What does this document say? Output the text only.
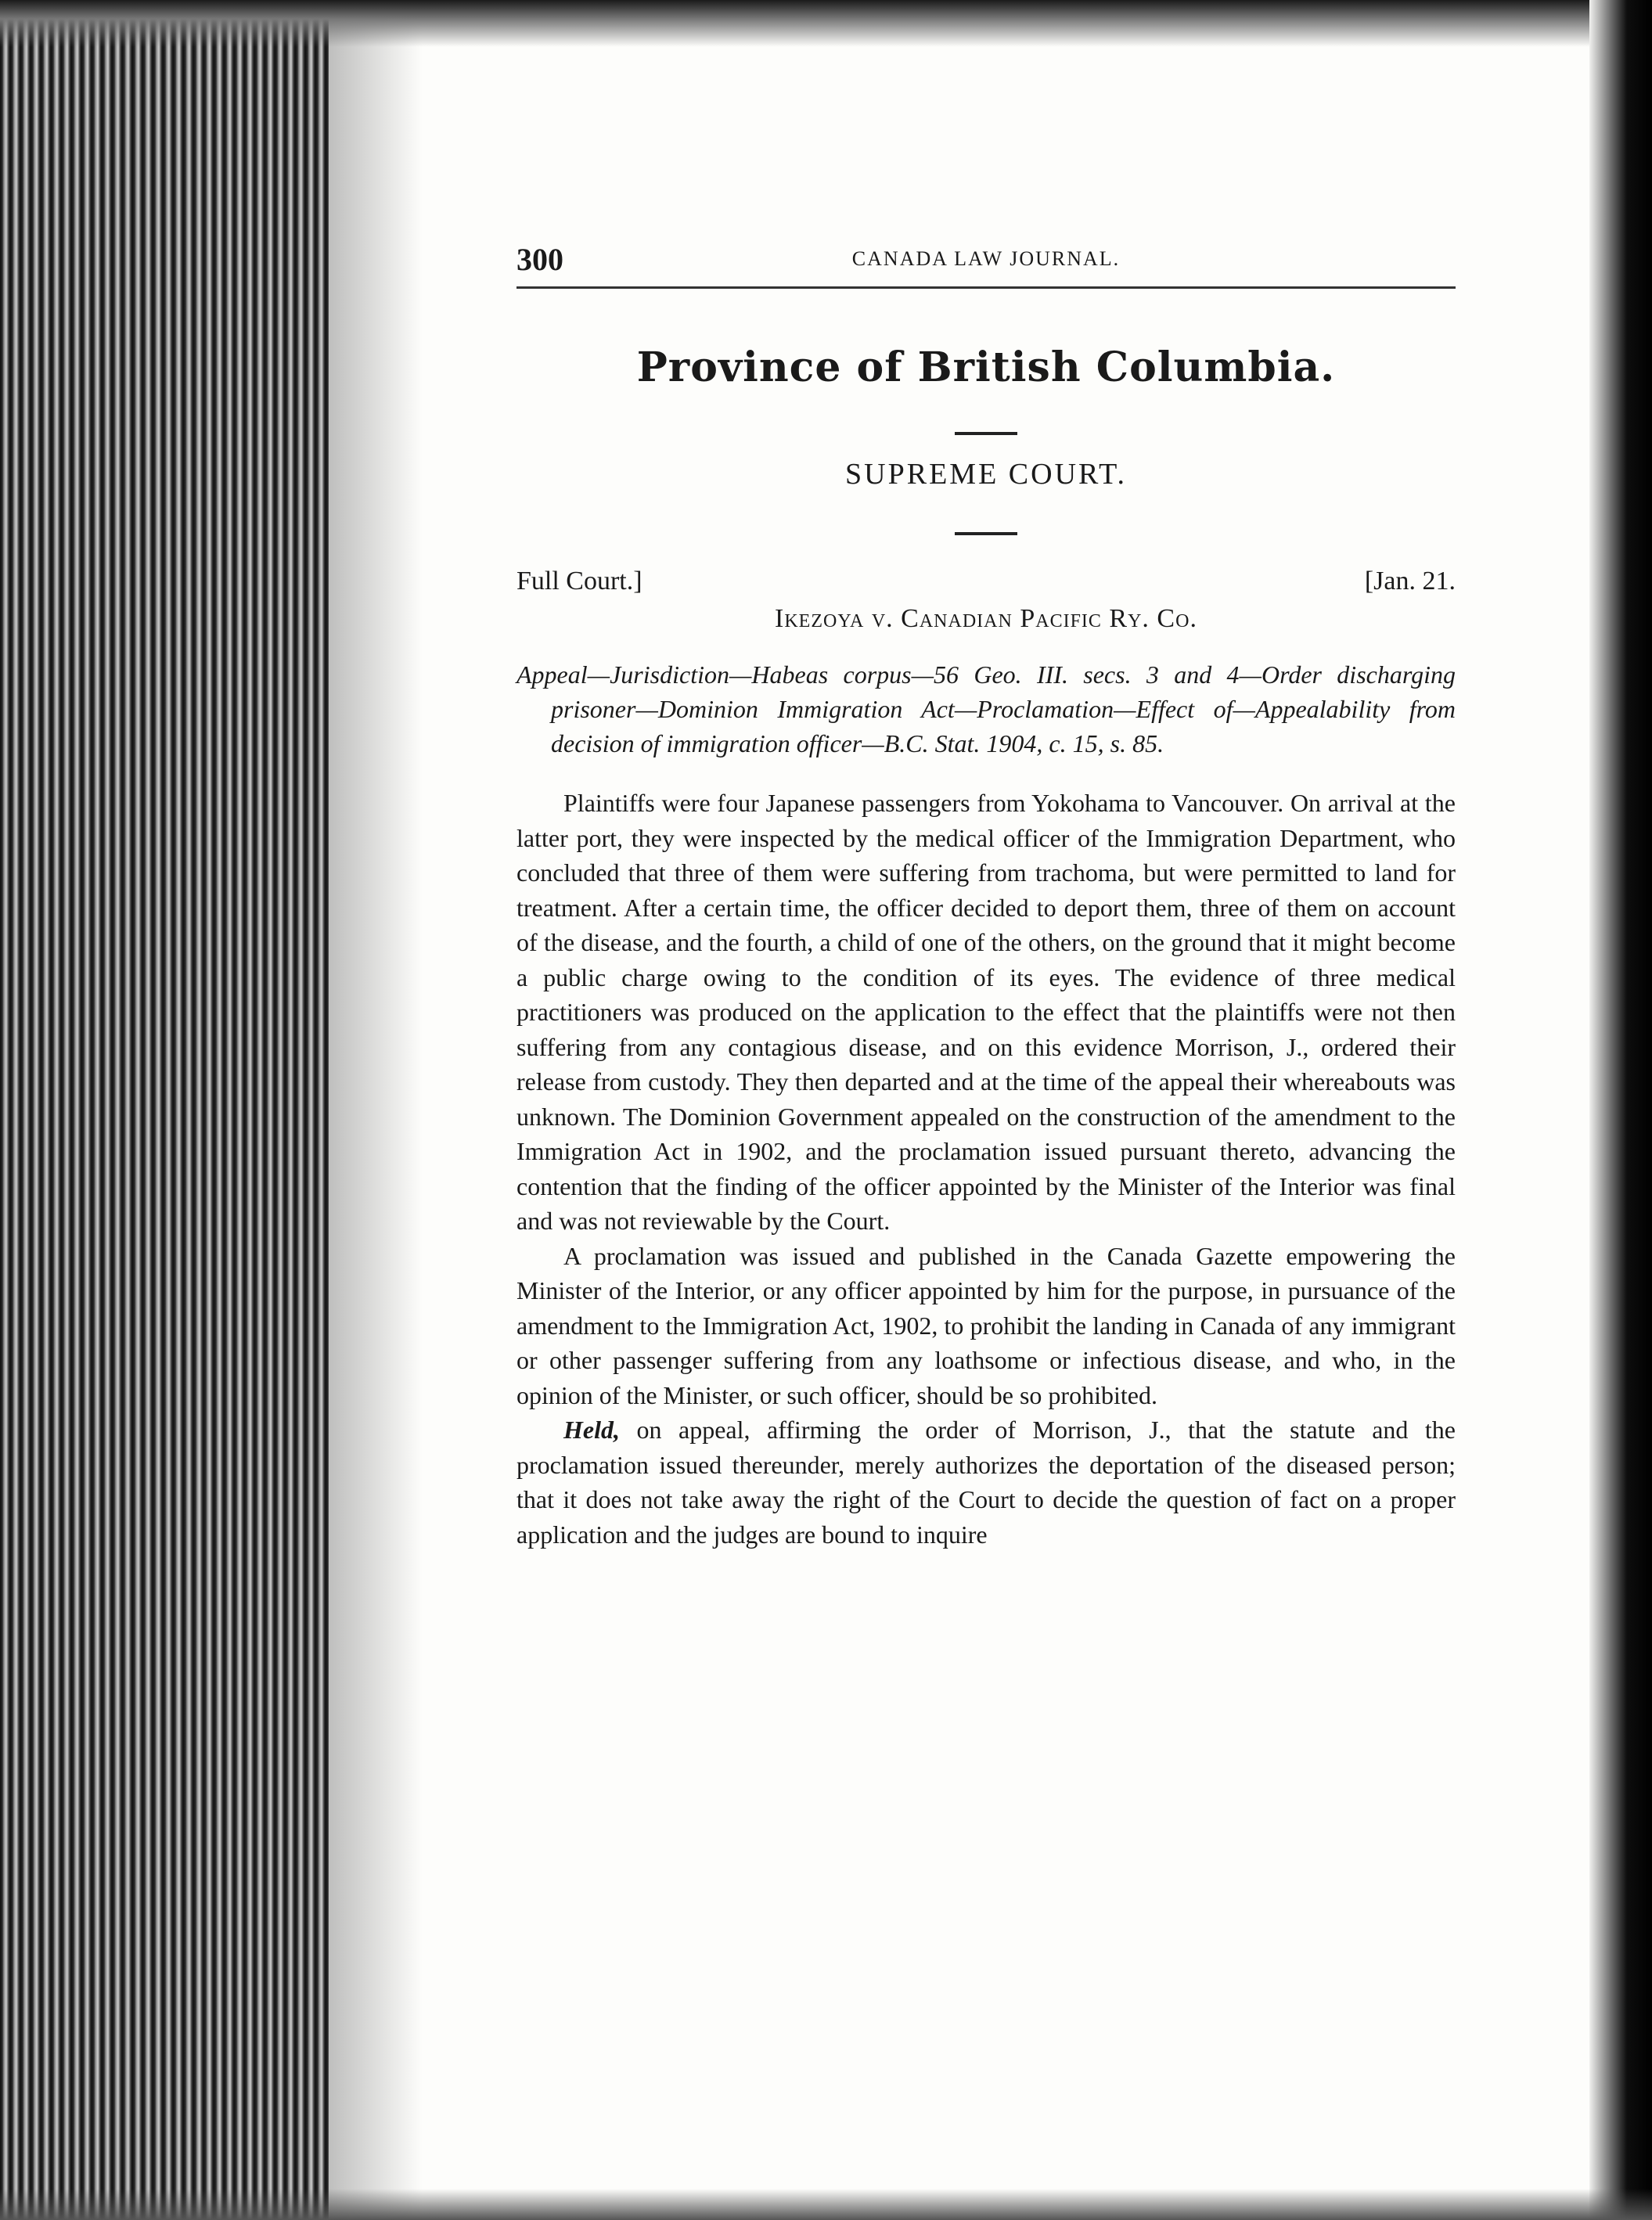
300	CANADA LAW JOURNAL.
Province of British Columbia.
SUPREME COURT.
Full Court.]	[Jan. 21.
Ikezoya v. Canadian Pacific Ry. Co.

Appeal—Jurisdiction—Habeas corpus—56 Geo. III. secs. 3 and 4—Order discharging prisoner—Dominion Immigration Act—Proclamation—Effect of—Appealability from decision of immigration officer—B.C. Stat. 1904, c. 15, s. 85.

Plaintiffs were four Japanese passengers from Yokohama to Vancouver. On arrival at the latter port, they were inspected by the medical officer of the Immigration Department, who concluded that three of them were suffering from trachoma, but were permitted to land for treatment. After a certain time, the officer decided to deport them, three of them on account of the disease, and the fourth, a child of one of the others, on the ground that it might become a public charge owing to the condition of its eyes. The evidence of three medical practitioners was produced on the application to the effect that the plaintiffs were not then suffering from any contagious disease, and on this evidence Morrison, J., ordered their release from custody. They then departed and at the time of the appeal their whereabouts was unknown. The Dominion Government appealed on the construction of the amendment to the Immigration Act in 1902, and the proclamation issued pursuant thereto, advancing the contention that the finding of the officer appointed by the Minister of the Interior was final and was not reviewable by the Court.

A proclamation was issued and published in the Canada Gazette empowering the Minister of the Interior, or any officer appointed by him for the purpose, in pursuance of the amendment to the Immigration Act, 1902, to prohibit the landing in Canada of any immigrant or other passenger suffering from any loathsome or infectious disease, and who, in the opinion of the Minister, or such officer, should be so prohibited.

Held, on appeal, affirming the order of Morrison, J., that the statute and the proclamation issued thereunder, merely authorizes the deportation of the diseased person; that it does not take away the right of the Court to decide the question of fact on a proper application and the judges are bound to inquire
